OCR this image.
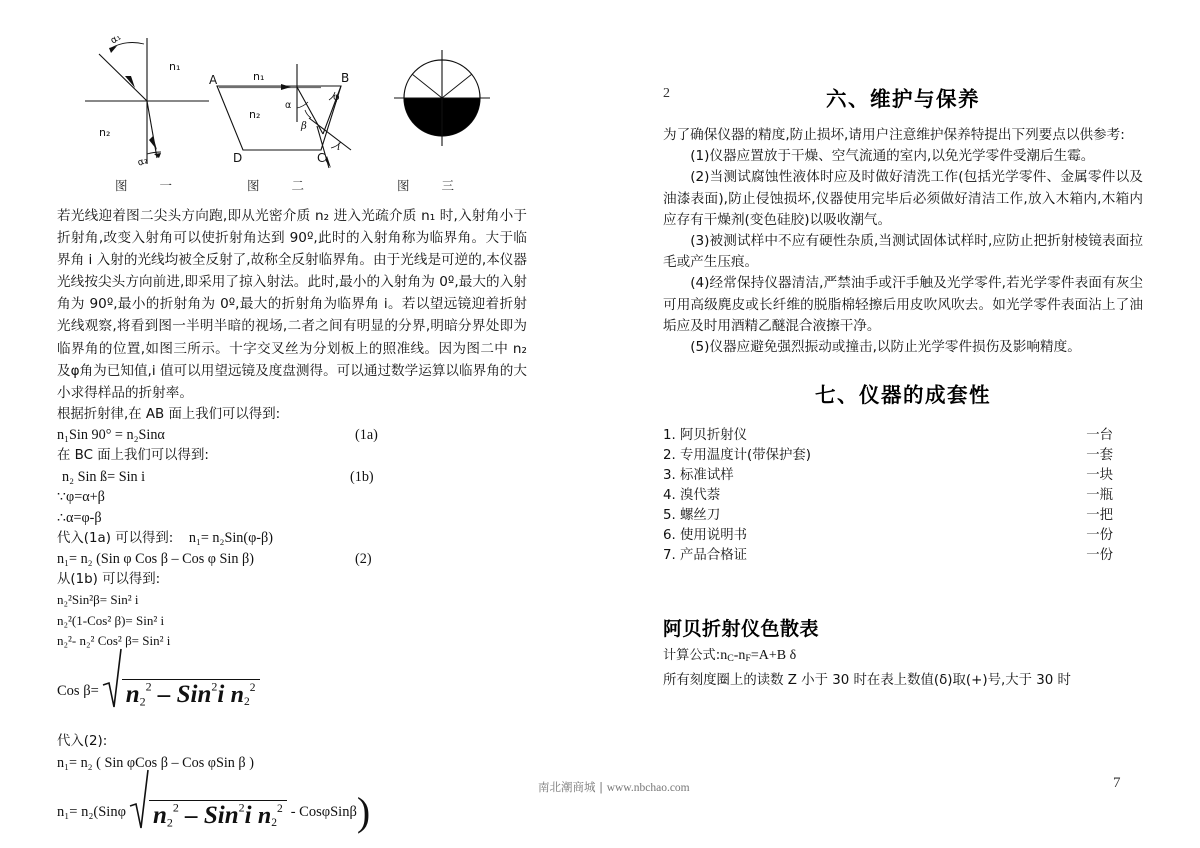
α₁
α₂
n₁
n₂
A	B
C
D
n₁
n₂
α
β
φ
i
图 一	图 二	图 三
若光线迎着图二尖头方向跑,即从光密介质 n₂ 进入光疏介质 n₁ 时,入射角小于折射角,改变入射角可以使折射角达到 90º,此时的入射角称为临界角。大于临界角 i 入射的光线均被全反射了,故称全反射临界角。由于光线是可逆的,本仪器光线按尖头方向前进,即采用了掠入射法。此时,最小的入射角为 0º,最大的入射角为 90º,最小的折射角为 0º,最大的折射角为临界角 i。若以望远镜迎着折射光线观察,将看到图一半明半暗的视场,二者之间有明显的分界,明暗分界处即为临界角的位置,如图三所示。十字交叉丝为分划板上的照准线。因为图二中 n₂ 及φ角为已知值,i 值可以用望远镜及度盘测得。可以通过数学运算以临界角的大小求得样品的折射率。
根据折射律,在 AB 面上我们可以得到:
n₁Sin 90° = n₂Sinα	(1a)
在 BC 面上我们可以得到:
n₂ Sin ß= Sin i	(1b)
∵φ=α+β
∴α=φ-β
代入(1a) 可以得到: n₁= n₂Sin(φ-β)
n₁= n₂ (Sin φ Cos β – Cos φ Sin β)	(2)
从(1b) 可以得到:
n₂²Sin²β= Sin² i
n₂²(1-Cos² β)= Sin² i
n₂²- n₂² Cos² β= Sin² i
Cos $\beta= n_2^2 - Sin^2i$ $n_2^2$
代入(2):
n₁= n₂ ( Sin φCos β – Cos φSin β )
n₁= n₂(Sinφ $n_2^2 - Sin^2i$ $n_2^2$ - CosφSinβ )
2	六、维护与保养

为了确保仪器的精度,防止损坏,请用户注意维护保养特提出下列要点以供参考:

(1)仪器应置放于干燥、空气流通的室内,以免光学零件受潮后生霉。

(2)当测试腐蚀性液体时应及时做好清洗工作(包括光学零件、金属零件以及油漆表面),防止侵蚀损坏,仪器使用完毕后必须做好清洁工作,放入木箱内,木箱内应存有干燥剂(变色硅胶)以吸收潮气。

(3)被测试样中不应有硬性杂质,当测试固体试样时,应防止把折射棱镜表面拉毛或产生压痕。

(4)经常保持仪器清洁,严禁油手或汗手触及光学零件,若光学零件表面有灰尘可用高级麂皮或长纤维的脱脂棉轻擦后用皮吹风吹去。如光学零件表面沾上了油垢应及时用酒精乙醚混合液擦干净。

(5)仪器应避免强烈振动或撞击,以防止光学零件损伤及影响精度。

七、仪器的成套性
1. 阿贝折射仪	一台
2. 专用温度计(带保护套)	一套
3. 标准试样	一块
4. 溴代萘	一瓶
5. 螺丝刀	一把
6. 使用说明书	一份
7. 产品合格证	一份
阿贝折射仪色散表
计算公式$:n_C-n_F=A+B$ δ
所有刻度圈上的读数 Z 小于 30 时在表上数值(δ)取(+)号,大于 30 时
南北潮商城 | www.nbchao.com	7
